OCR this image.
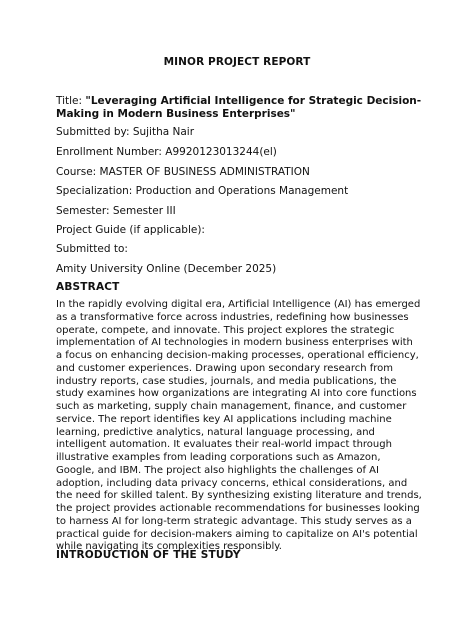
MINOR PROJECT REPORT
Title: "Leveraging Artificial Intelligence for Strategic Decision-Making in Modern Business Enterprises"
Submitted by: Sujitha Nair
Enrollment Number: A9920123013244(el)
Course: MASTER OF BUSINESS ADMINISTRATION
Specialization: Production and Operations Management
Semester: Semester III
Project Guide (if applicable):
Submitted to:
Amity University Online (December 2025)
ABSTRACT
In the rapidly evolving digital era, Artificial Intelligence (AI) has emerged as a transformative force across industries, redefining how businesses operate, compete, and innovate. This project explores the strategic implementation of AI technologies in modern business enterprises with a focus on enhancing decision-making processes, operational efficiency, and customer experiences. Drawing upon secondary research from industry reports, case studies, journals, and media publications, the study examines how organizations are integrating AI into core functions such as marketing, supply chain management, finance, and customer service. The report identifies key AI applications including machine learning, predictive analytics, natural language processing, and intelligent automation. It evaluates their real-world impact through illustrative examples from leading corporations such as Amazon, Google, and IBM. The project also highlights the challenges of AI adoption, including data privacy concerns, ethical considerations, and the need for skilled talent. By synthesizing existing literature and trends, the project provides actionable recommendations for businesses looking to harness AI for long-term strategic advantage. This study serves as a practical guide for decision-makers aiming to capitalize on AI's potential while navigating its complexities responsibly.
INTRODUCTION OF THE STUDY
